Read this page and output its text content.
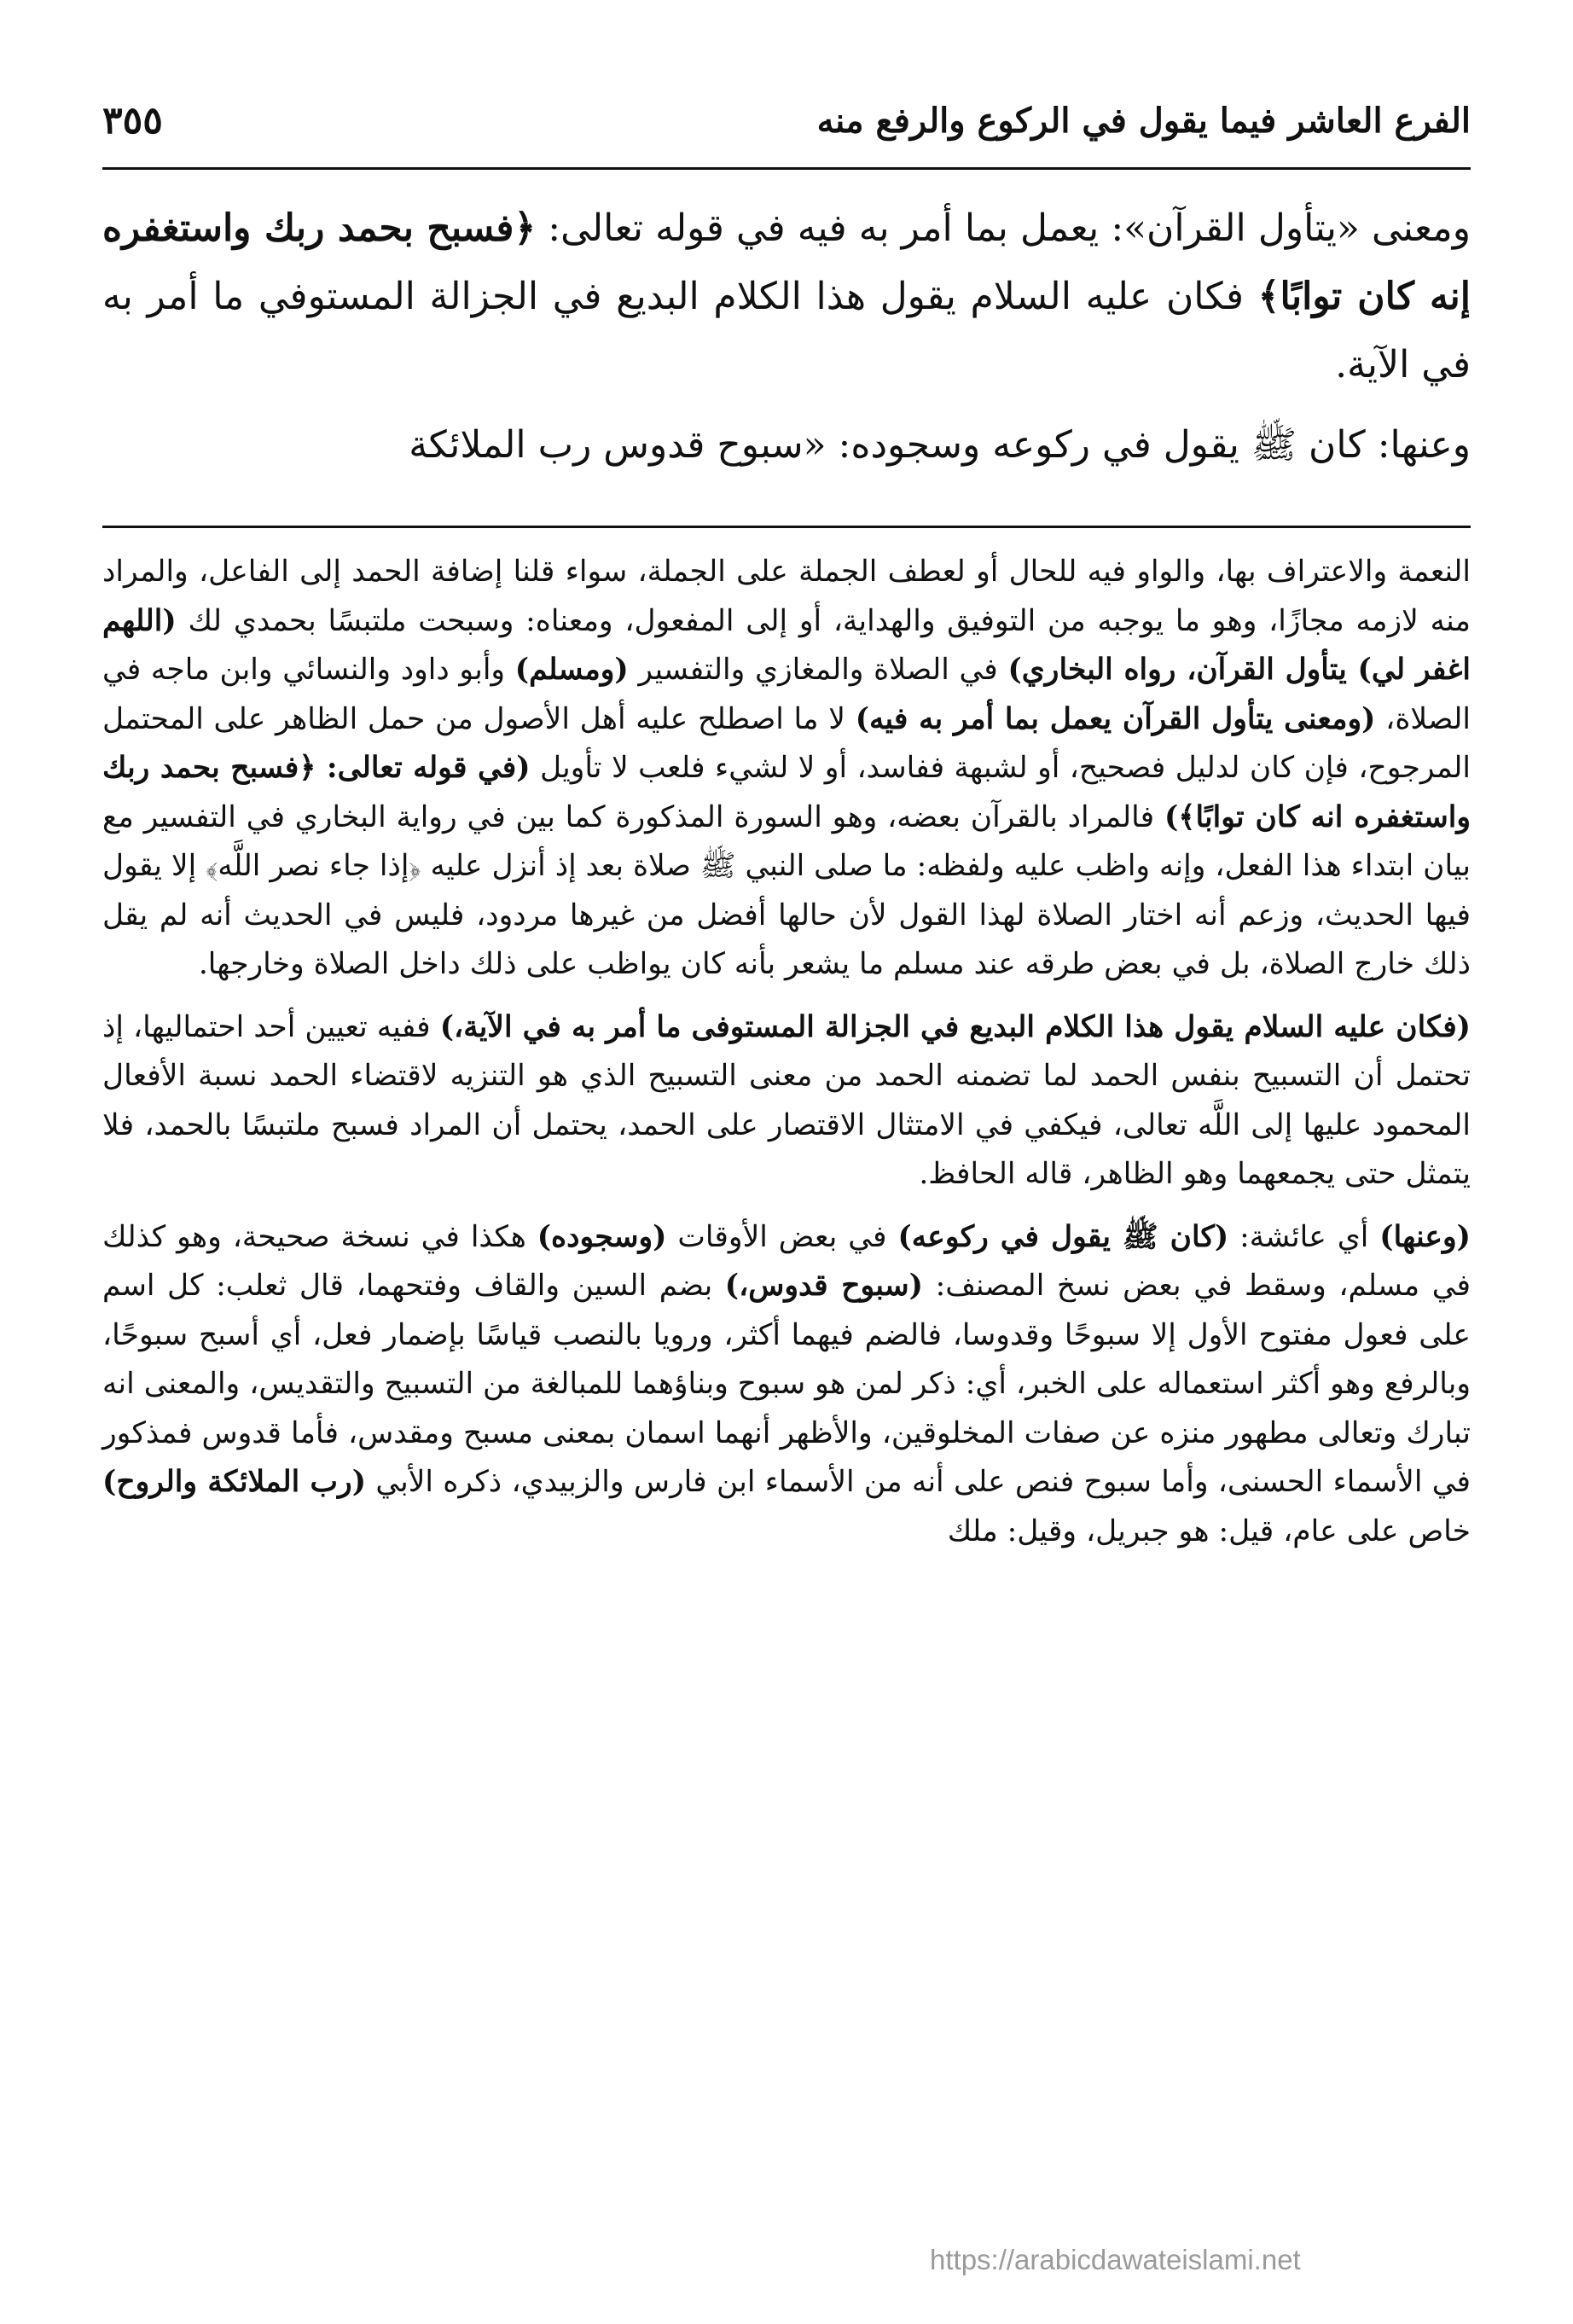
الفرع العاشر فيما يقول في الركوع والرفع منه
٣٥٥

ومعنى «يتأول القرآن»: يعمل بما أمر به فيه في قوله تعالى: ﴿فسبح بحمد ربك واستغفره إنه كان توابًا﴾ فكان عليه السلام يقول هذا الكلام البديع في الجزالة المستوفي ما أمر به في الآية.

وعنها: كان ﷺ يقول في ركوعه وسجوده: «سبوح قدوس رب الملائكة

النعمة والاعتراف بها، والواو فيه للحال أو لعطف الجملة على الجملة، سواء قلنا إضافة الحمد إلى الفاعل، والمراد منه لازمه مجازًا، وهو ما يوجبه من التوفيق والهداية، أو إلى المفعول، ومعناه: وسبحت ملتبسًا بحمدي لك (اللهم اغفر لي) يتأول القرآن، رواه البخاري) في الصلاة والمغازي والتفسير (ومسلم) وأبو داود والنسائي وابن ماجه في الصلاة، (ومعنى يتأول القرآن يعمل بما أمر به فيه) لا ما اصطلح عليه أهل الأصول من حمل الظاهر على المحتمل المرجوح، فإن كان لدليل فصحيح، أو لشبهة ففاسد، أو لا لشيء فلعب لا تأويل (في قوله تعالى: ﴿فسبح بحمد ربك واستغفره انه كان توابًا﴾) فالمراد بالقرآن بعضه، وهو السورة المذكورة كما بين في رواية البخاري في التفسير مع بيان ابتداء هذا الفعل، وإنه واظب عليه ولفظه: ما صلى النبي ﷺ صلاة بعد إذ أنزل عليه ﴿إذا جاء نصر اللَّه﴾ إلا يقول فيها الحديث، وزعم أنه اختار الصلاة لهذا القول لأن حالها أفضل من غيرها مردود، فليس في الحديث أنه لم يقل ذلك خارج الصلاة، بل في بعض طرقه عند مسلم ما يشعر بأنه كان يواظب على ذلك داخل الصلاة وخارجها.

(فكان عليه السلام يقول هذا الكلام البديع في الجزالة المستوفى ما أمر به في الآية،) ففيه تعيين أحد احتماليها، إذ تحتمل أن التسبيح بنفس الحمد لما تضمنه الحمد من معنى التسبيح الذي هو التنزيه لاقتضاء الحمد نسبة الأفعال المحمود عليها إلى اللَّه تعالى، فيكفي في الامتثال الاقتصار على الحمد، يحتمل أن المراد فسبح ملتبسًا بالحمد، فلا يتمثل حتى يجمعهما وهو الظاهر، قاله الحافظ.

(وعنها) أي عائشة: (كان ﷺ يقول في ركوعه) في بعض الأوقات (وسجوده) هكذا في نسخة صحيحة، وهو كذلك في مسلم، وسقط في بعض نسخ المصنف: (سبوح قدوس،) بضم السين والقاف وفتحهما، قال ثعلب: كل اسم على فعول مفتوح الأول إلا سبوحًا وقدوسا، فالضم فيهما أكثر، ورويا بالنصب قياسًا بإضمار فعل، أي أسبح سبوحًا، وبالرفع وهو أكثر استعماله على الخبر، أي: ذكر لمن هو سبوح وبناؤهما للمبالغة من التسبيح والتقديس، والمعنى انه تبارك وتعالى مطهور منزه عن صفات المخلوقين، والأظهر أنهما اسمان بمعنى مسبح ومقدس، فأما قدوس فمذكور في الأسماء الحسنى، وأما سبوح فنص على أنه من الأسماء ابن فارس والزبيدي، ذكره الأبي (رب الملائكة والروح) خاص على عام، قيل: هو جبريل، وقيل: ملك

https://arabicdawateislami.net
